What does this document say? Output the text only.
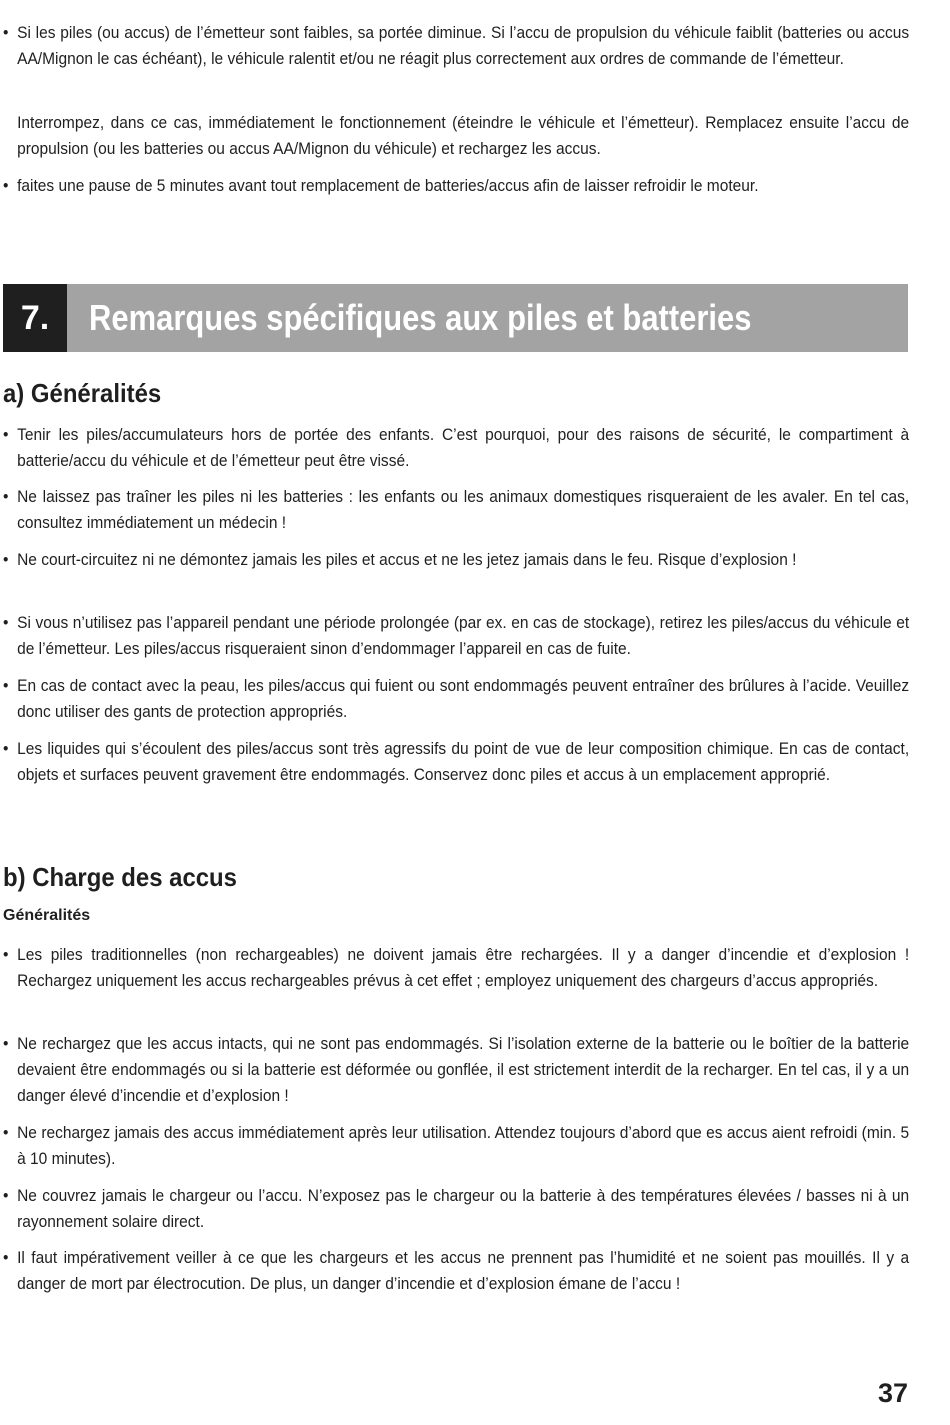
• Si les piles (ou accus) de l’émetteur sont faibles, sa portée diminue. Si l’accu de propulsion du véhicule faiblit (batteries ou accus AA/Mignon le cas échéant), le véhicule ralentit et/ou ne réagit plus correctement aux ordres de commande de l’émetteur.

Interrompez, dans ce cas, immédiatement le fonctionnement (éteindre le véhicule et l’émetteur). Remplacez ensuite l’accu de propulsion (ou les batteries ou accus AA/Mignon du véhicule) et rechargez les accus.

• faites une pause de 5 minutes avant tout remplacement de batteries/accus afin de laisser refroidir le moteur.
7.	Remarques spécifiques aux piles et batteries
a) Généralités
• Tenir les piles/accumulateurs hors de portée des enfants. C’est pourquoi, pour des raisons de sécurité, le compartiment à batterie/accu du véhicule et de l’émetteur peut être vissé.
• Ne laissez pas traîner les piles ni les batteries : les enfants ou les animaux domestiques risqueraient de les avaler. En tel cas, consultez immédiatement un médecin !
• Ne court-circuitez ni ne démontez jamais les piles et accus et ne les jetez jamais dans le feu. Risque d’explosion !
• Si vous n’utilisez pas l’appareil pendant une période prolongée (par ex. en cas de stockage), retirez les piles/accus du véhicule et de l’émetteur. Les piles/accus risqueraient sinon d’endommager l’appareil en cas de fuite.
• En cas de contact avec la peau, les piles/accus qui fuient ou sont endommagés peuvent entraîner des brûlures à l’acide. Veuillez donc utiliser des gants de protection appropriés.
• Les liquides qui s’écoulent des piles/accus sont très agressifs du point de vue de leur composition chimique. En cas de contact, objets et surfaces peuvent gravement être endommagés. Conservez donc piles et accus à un emplacement approprié.
b) Charge des accus
Généralités
• Les piles traditionnelles (non rechargeables) ne doivent jamais être rechargées. Il y a danger d’incendie et d’explosion ! Rechargez uniquement les accus rechargeables prévus à cet effet ; employez uniquement des chargeurs d’accus appropriés.
• Ne rechargez que les accus intacts, qui ne sont pas endommagés. Si l’isolation externe de la batterie ou le boîtier de la batterie devaient être endommagés ou si la batterie est déformée ou gonflée, il est strictement interdit de la recharger. En tel cas, il y a un danger élevé d’incendie et d’explosion !
• Ne rechargez jamais des accus immédiatement après leur utilisation. Attendez toujours d’abord que es accus aient refroidi (min. 5 à 10 minutes).
• Ne couvrez jamais le chargeur ou l’accu. N’exposez pas le chargeur ou la batterie à des températures élevées / basses ni à un rayonnement solaire direct.
• Il faut impérativement veiller à ce que les chargeurs et les accus ne prennent pas l’humidité et ne soient pas mouillés. Il y a danger de mort par électrocution. De plus, un danger d’incendie et d’explosion émane de l’accu !
37
